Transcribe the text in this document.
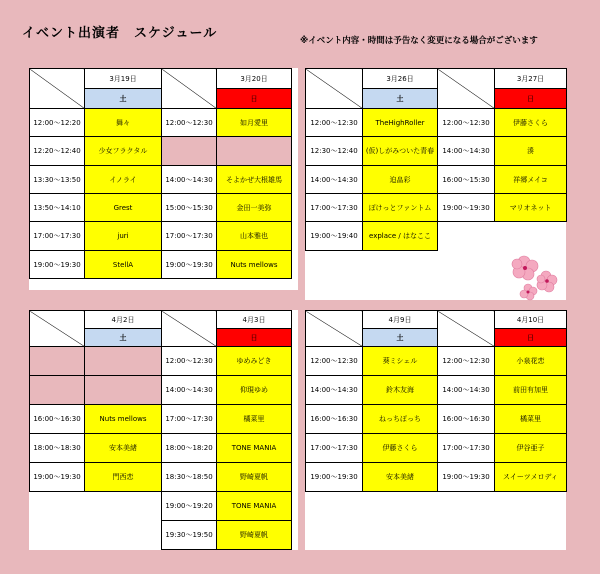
イベント出演者　スケジュール	※イベント内容・時間は予告なく変更になる場合がございます
	3月19日		3月20日
	土		日
12:00～12:20	舞々	12:00～12:30	如月愛里
12:20～12:40	少女フラクタル		
13:30～13:50	イノライ	14:00～14:30	そよかぜ大根雄馬
13:50～14:10	Grest	15:00～15:30	金田一美弥
17:00～17:30	juri	17:00～17:30	山本雅也
19:00～19:30	StellA	19:00～19:30	Nuts mellows
	3月26日		3月27日
	土		日
12:00～12:30	TheHighRoller	12:00～12:30	伊藤さくら
12:30～12:40	(仮)しがみついた青春	14:00～14:30	湊
14:00～14:30	迫畠彩	16:00～15:30	祥郷メイコ
17:00～17:30	ぽけっとファントム	19:00～19:30	マリオネット
19:00～19:40	explace / はなここ		
	4月2日		4月3日
	土		日
		12:00～12:30	ゆめみどき
		14:00～14:30	仰現ゆめ
16:00～16:30	Nuts mellows	17:00～17:30	橘菜里
18:00～18:30	安本美緒	18:00～18:20	TONE MANIA
19:00～19:30	門西恋	18:30～18:50	野崎夏帆
		19:00～19:20	TONE MANIA
		19:30～19:50	野崎夏帆
	4月9日		4月10日
	土		日
12:00～12:30	葵ミシェル	12:00～12:30	小泉花恋
14:00～14:30	鈴木友海	14:00～14:30	前田有加里
16:00～16:30	ねっちぽっち	16:00～16:30	橘菜里
17:00～17:30	伊藤さくら	17:00～17:30	伊谷亜子
19:00～19:30	安本美緒	19:00～19:30	スイーツメロディ
